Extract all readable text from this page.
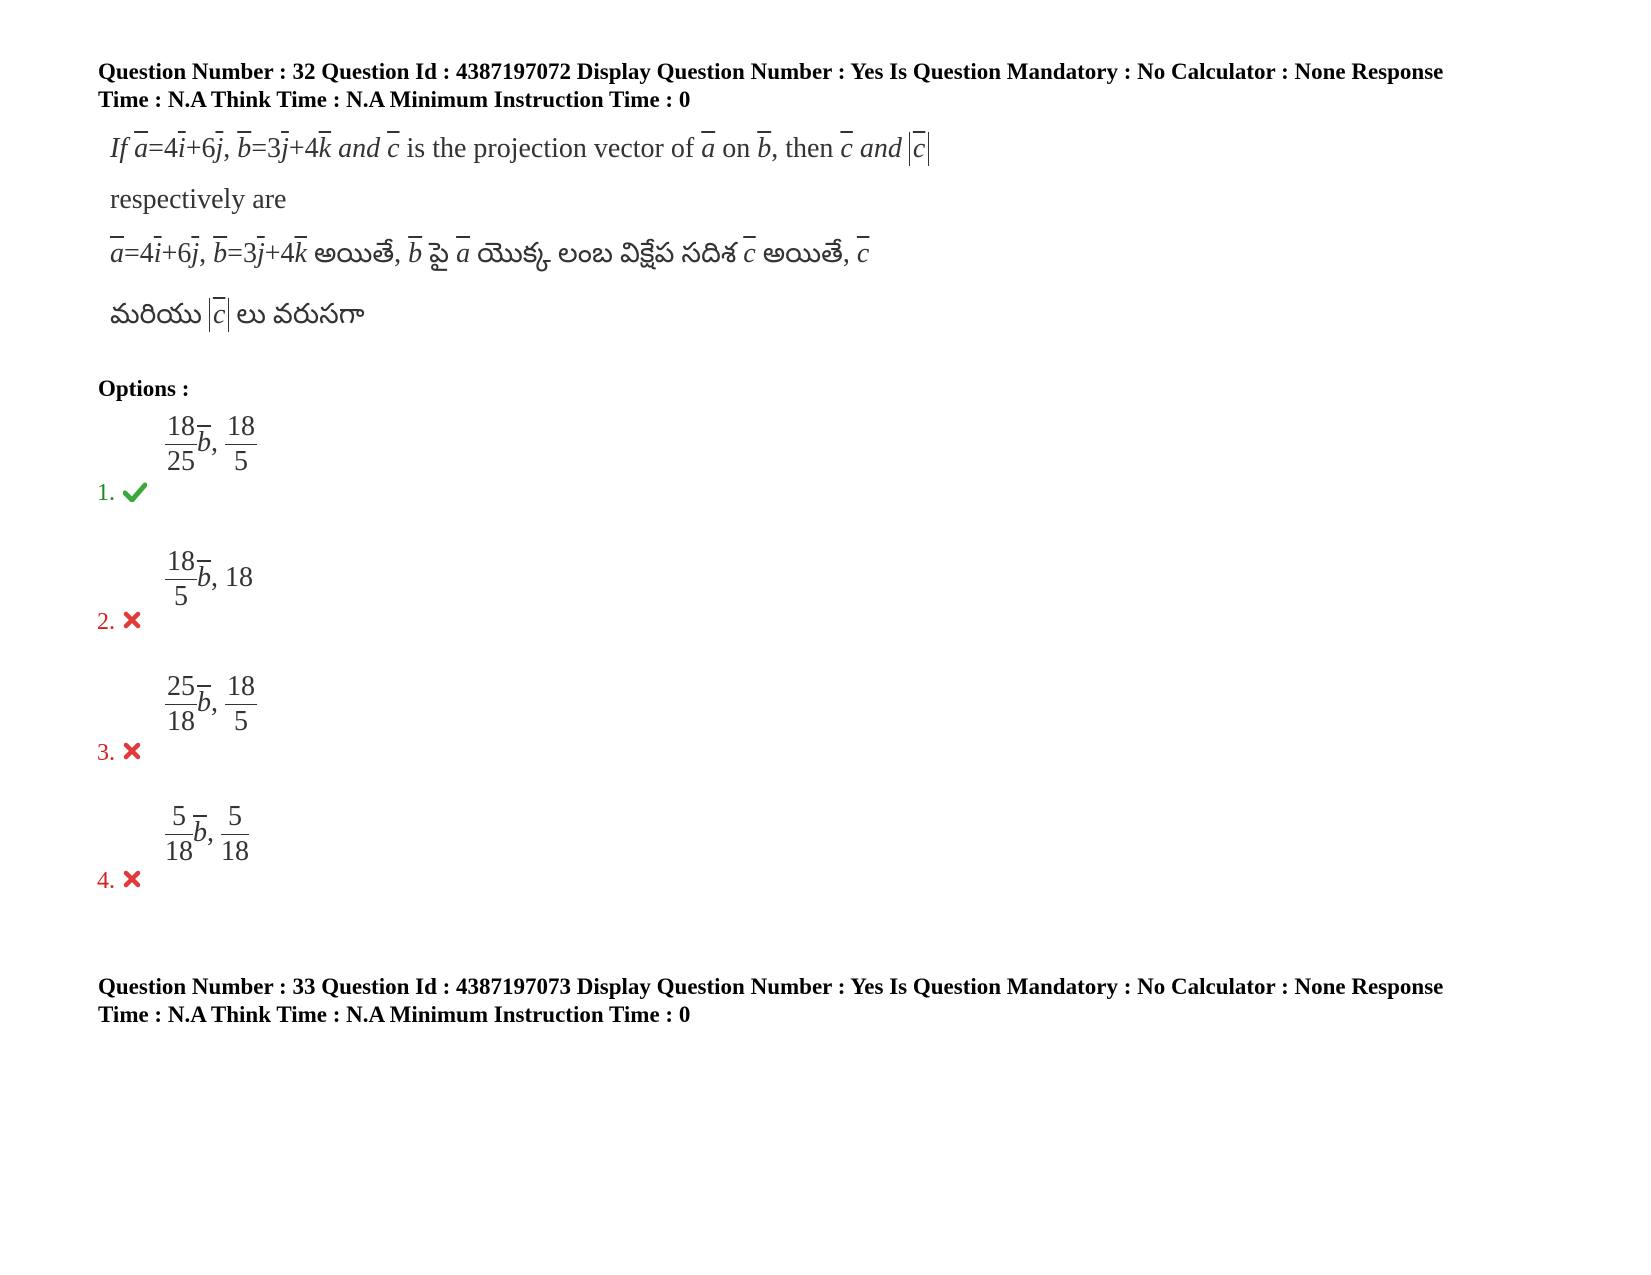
Question Number : 32 Question Id : 4387197072 Display Question Number : Yes Is Question Mandatory : No Calculator : None Response
Time : N.A Think Time : N.A Minimum Instruction Time : 0
If $\overline{a}=4\overline{i}+6\overline{j}$, $\overline{b}=3\overline{j}+4\overline{k}$ and $\overline{c}$ is the projection vector of $\overline{a}$ on $\overline{b}$, then $\overline{c}$ and $\overline{c}$
respectively are
$\overline{a}=4\overline{i}+6\overline{j}$, $\overline{b}=3\overline{j}+4\overline{k}$ అయితే, $\overline{b}$ పై $\overline{a}$ యొక్క లంబ విక్షేప సదిశ $\overline{c}$ అయితే, $\overline{c}$
మరియు $\overline{c}$ లు వరుసగా
Options :
1.
$\frac{18}{25} \overline{b}$, $\frac{18}{5}$
2.
$\frac{18}{5} \overline{b}$, 18
3.
$\frac{25}{18} \overline{b}$, $\frac{18}{5}$
4.
$\frac{5}{18} \overline{b}$, $\frac{5}{18}$
Question Number : 33 Question Id : 4387197073 Display Question Number : Yes Is Question Mandatory : No Calculator : None Response
Time : N.A Think Time : N.A Minimum Instruction Time : 0
